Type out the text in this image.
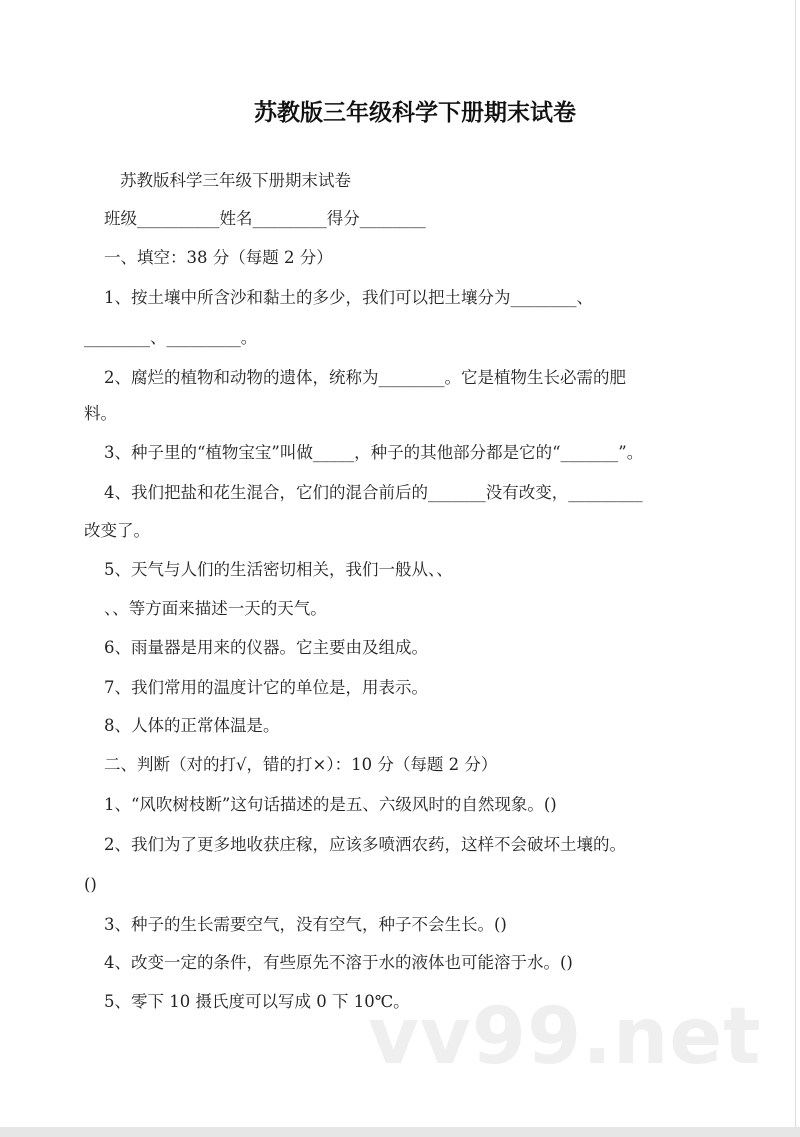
苏教版三年级科学下册期末试卷
苏教版科学三年级下册期末试卷
班级__________姓名_________得分________
一、填空：38 分（每题 2 分）
1、按土壤中所含沙和黏土的多少，我们可以把土壤分为________、
________、_________。
2、腐烂的植物和动物的遗体，统称为________。它是植物生长必需的肥
料。
3、种子里的“植物宝宝”叫做_____，种子的其他部分都是它的“_______”。
4、我们把盐和花生混合，它们的混合前后的_______没有改变，_________
改变了。
5、天气与人们的生活密切相关，我们一般从、、
、、等方面来描述一天的天气。
6、雨量器是用来的仪器。它主要由及组成。
7、我们常用的温度计它的单位是，用表示。
8、人体的正常体温是。
二、判断（对的打√，错的打×）：10 分（每题 2 分）
1、“风吹树枝断”这句话描述的是五、六级风时的自然现象。()
2、我们为了更多地收获庄稼，应该多喷洒农药，这样不会破坏土壤的。
()
3、种子的生长需要空气，没有空气，种子不会生长。()
4、改变一定的条件，有些原先不溶于水的液体也可能溶于水。()
5、零下 10 摄氏度可以写成 0 下 10℃。
vv99.net
